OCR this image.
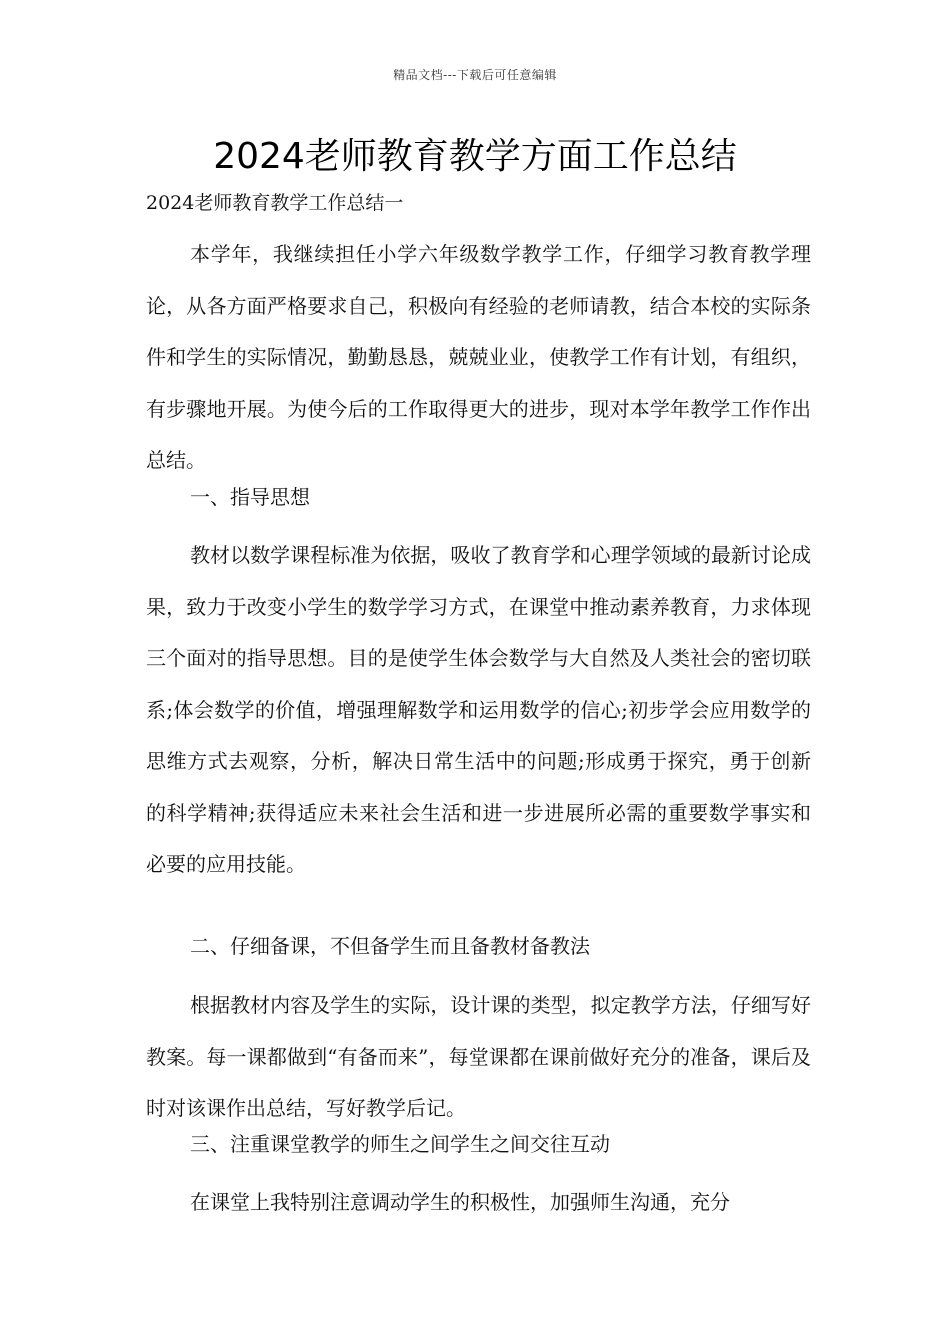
精品文档---下载后可任意编辑
2024老师教育教学方面工作总结

2024老师教育教学工作总结一

本学年，我继续担任小学六年级数学教学工作，仔细学习教育教学理论，从各方面严格要求自己，积极向有经验的老师请教，结合本校的实际条件和学生的实际情况，勤勤恳恳，兢兢业业，使教学工作有计划，有组织，有步骤地开展。为使今后的工作取得更大的进步，现对本学年教学工作作出总结。

一、指导思想

教材以数学课程标准为依据，吸收了教育学和心理学领域的最新讨论成果，致力于改变小学生的数学学习方式，在课堂中推动素养教育，力求体现三个面对的指导思想。目的是使学生体会数学与大自然及人类社会的密切联系;体会数学的价值，增强理解数学和运用数学的信心;初步学会应用数学的思维方式去观察，分析，解决日常生活中的问题;形成勇于探究，勇于创新的科学精神;获得适应未来社会生活和进一步进展所必需的重要数学事实和必要的应用技能。

二、仔细备课，不但备学生而且备教材备教法

根据教材内容及学生的实际，设计课的类型，拟定教学方法，仔细写好教案。每一课都做到“有备而来”，每堂课都在课前做好充分的准备，课后及时对该课作出总结，写好教学后记。

三、注重课堂教学的师生之间学生之间交往互动

在课堂上我特别注意调动学生的积极性，加强师生沟通，充分
